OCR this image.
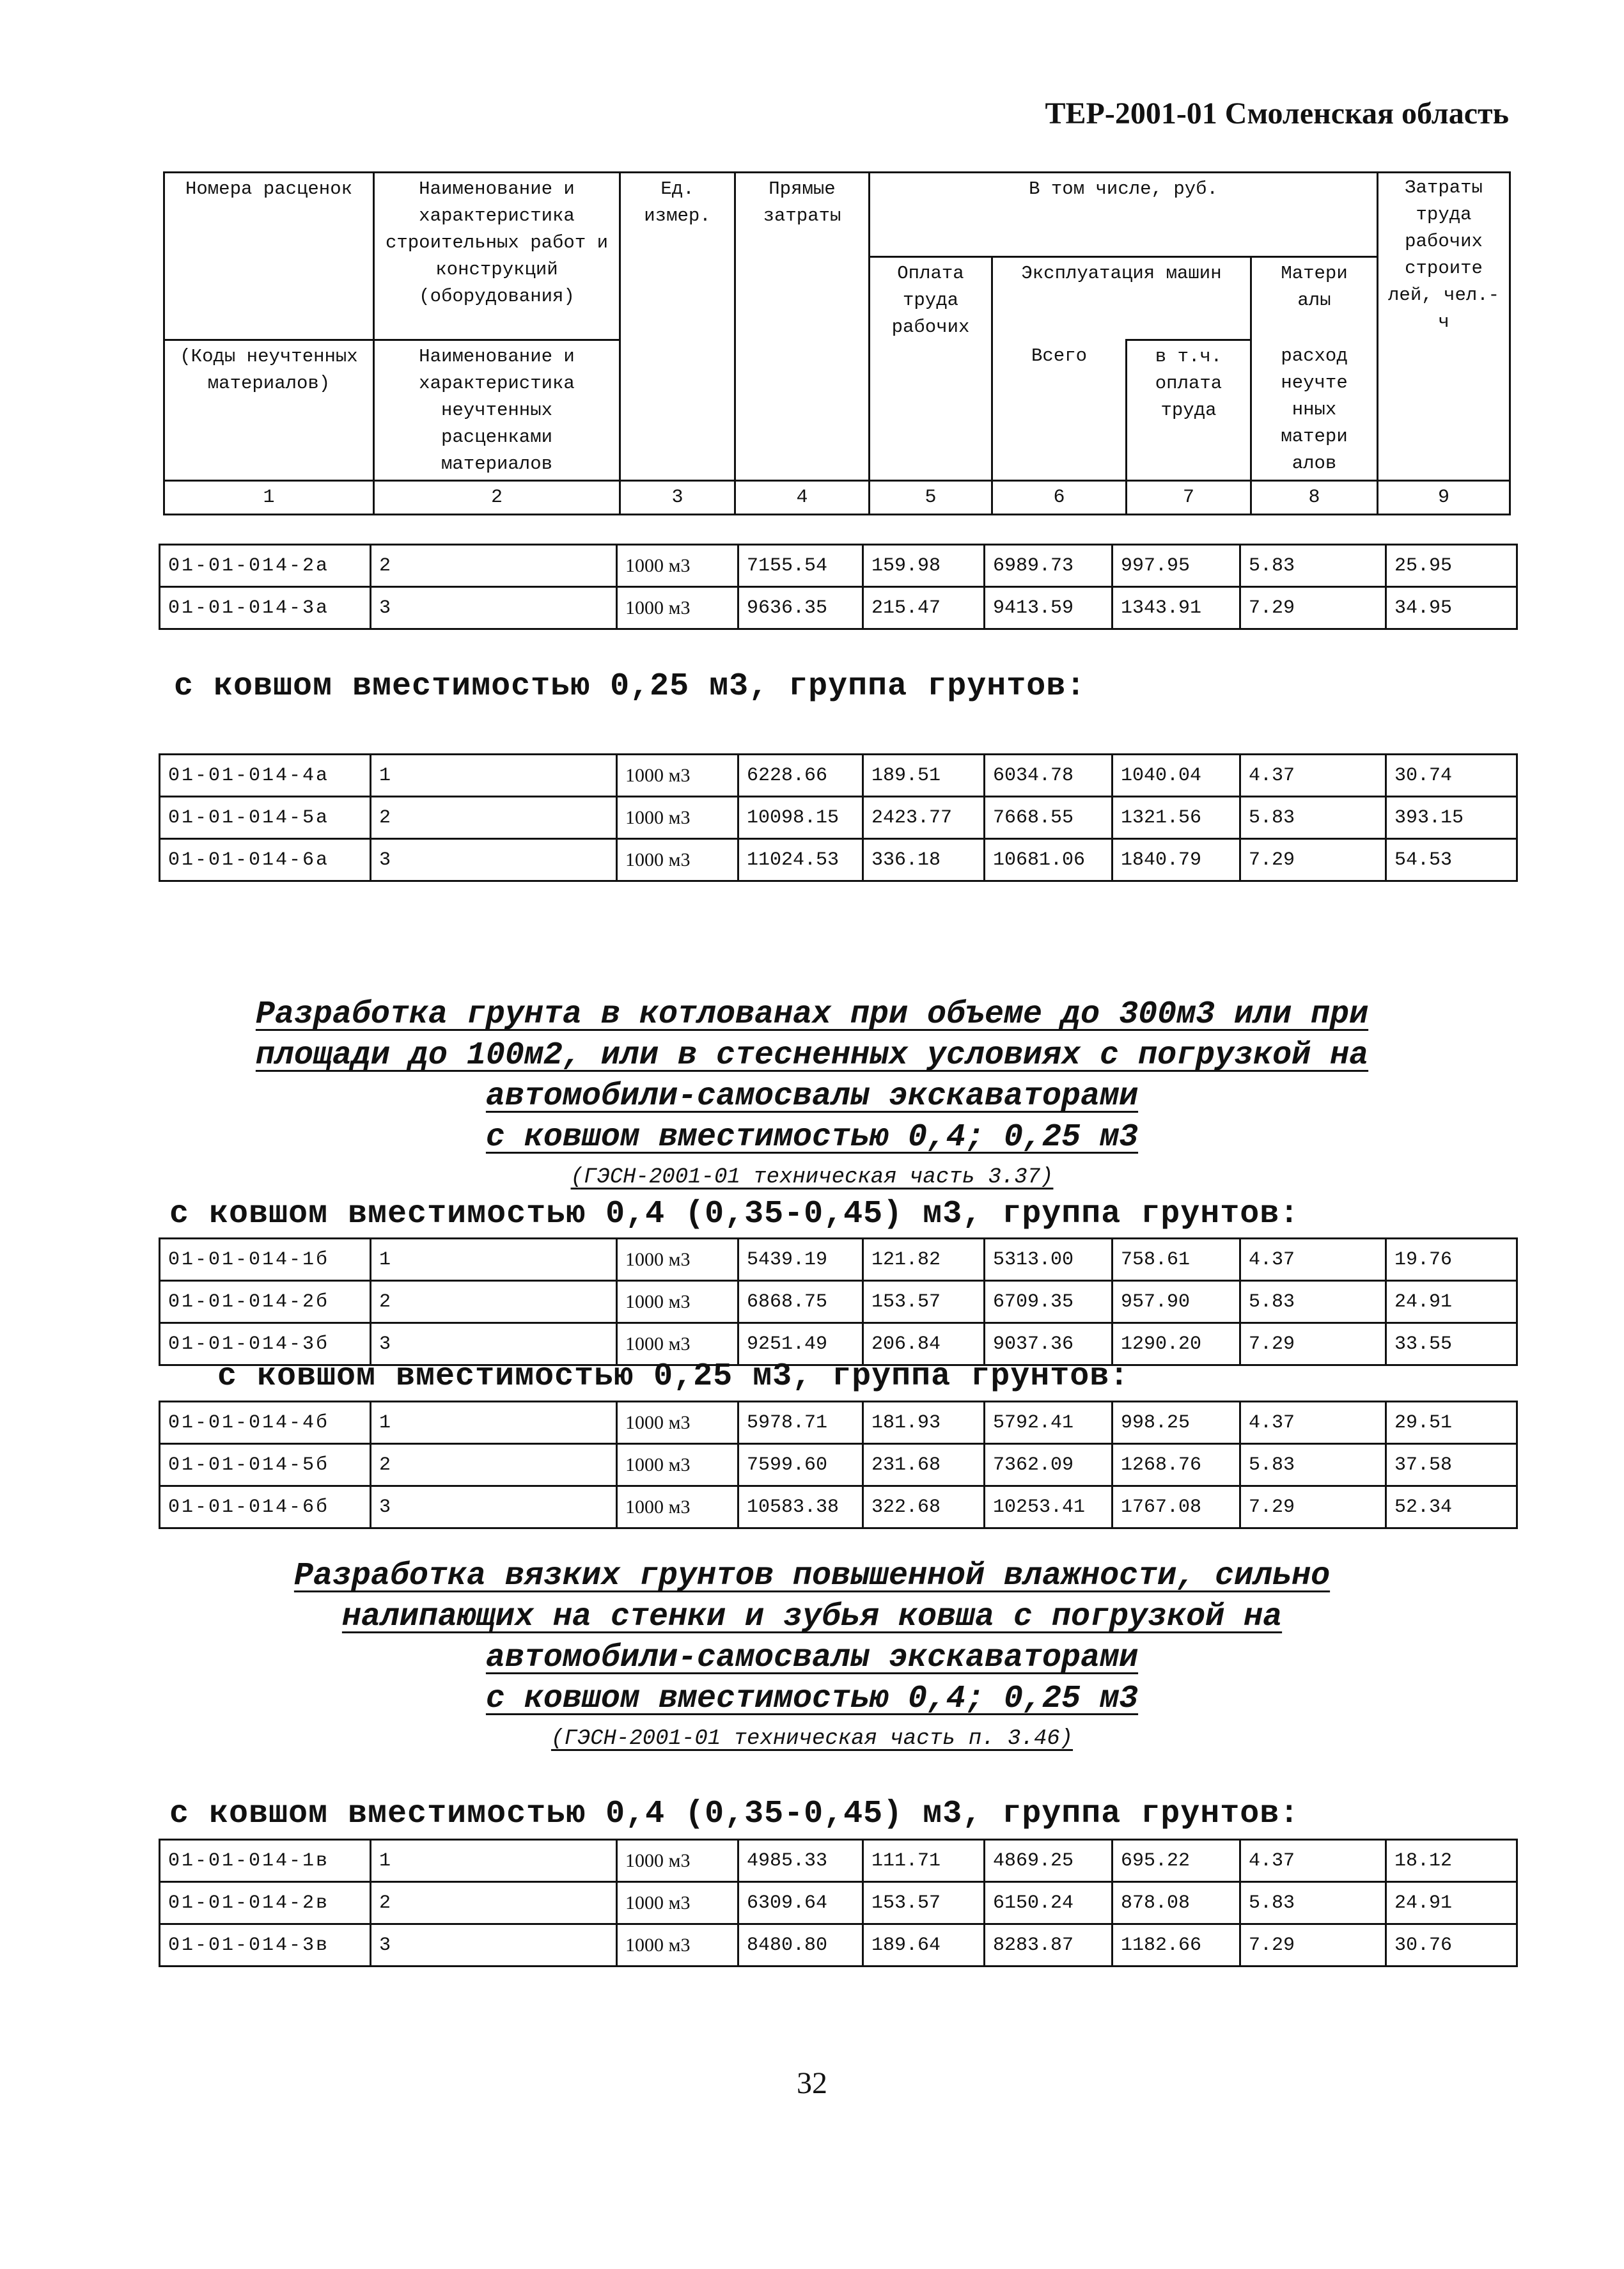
ТЕР-2001-01 Смоленская область
Номера расценок	Наименование и характеристика строительных работ и конструкций (оборудования)	Ед. измер.	Прямые затраты	В том числе, руб.				Затраты труда рабочих строите лей, чел.-ч
				Оплата труда рабочих	Эксплуатация машин		Матери алы	
(Коды неучтенных материалов)	Наименование и характеристика неучтенных расценками материалов				Всего	в т.ч. оплата труда	расход неучте нных матери алов	
1	2	3	4	5	6	7	8	9
01-01-014-2а	2	1000 м3	7155.54	159.98	6989.73	997.95	5.83	25.95
01-01-014-3а	3	1000 м3	9636.35	215.47	9413.59	1343.91	7.29	34.95
с ковшом вместимостью 0,25 м3, группа грунтов:
01-01-014-4а	1	1000 м3	6228.66	189.51	6034.78	1040.04	4.37	30.74
01-01-014-5а	2	1000 м3	10098.15	2423.77	7668.55	1321.56	5.83	393.15
01-01-014-6а	3	1000 м3	11024.53	336.18	10681.06	1840.79	7.29	54.53
Разработка грунта в котлованах при объеме до 300м3 или при
площади до 100м2, или в стесненных условиях с погрузкой на
автомобили-самосвалы экскаваторами
с ковшом вместимостью 0,4; 0,25 м3
(ГЭСН-2001-01 техническая часть 3.37)
с ковшом вместимостью 0,4 (0,35-0,45) м3, группа грунтов:
01-01-014-1б	1	1000 м3	5439.19	121.82	5313.00	758.61	4.37	19.76
01-01-014-2б	2	1000 м3	6868.75	153.57	6709.35	957.90	5.83	24.91
01-01-014-3б	3	1000 м3	9251.49	206.84	9037.36	1290.20	7.29	33.55
с ковшом вместимостью 0,25 м3, группа грунтов:
01-01-014-4б	1	1000 м3	5978.71	181.93	5792.41	998.25	4.37	29.51
01-01-014-5б	2	1000 м3	7599.60	231.68	7362.09	1268.76	5.83	37.58
01-01-014-6б	3	1000 м3	10583.38	322.68	10253.41	1767.08	7.29	52.34
Разработка вязких грунтов повышенной влажности, сильно
налипающих на стенки и зубья ковша с погрузкой на
автомобили-самосвалы экскаваторами
с ковшом вместимостью 0,4; 0,25 м3
(ГЭСН-2001-01 техническая часть п. 3.46)
с ковшом вместимостью 0,4 (0,35-0,45) м3, группа грунтов:
01-01-014-1в	1	1000 м3	4985.33	111.71	4869.25	695.22	4.37	18.12
01-01-014-2в	2	1000 м3	6309.64	153.57	6150.24	878.08	5.83	24.91
01-01-014-3в	3	1000 м3	8480.80	189.64	8283.87	1182.66	7.29	30.76
32
